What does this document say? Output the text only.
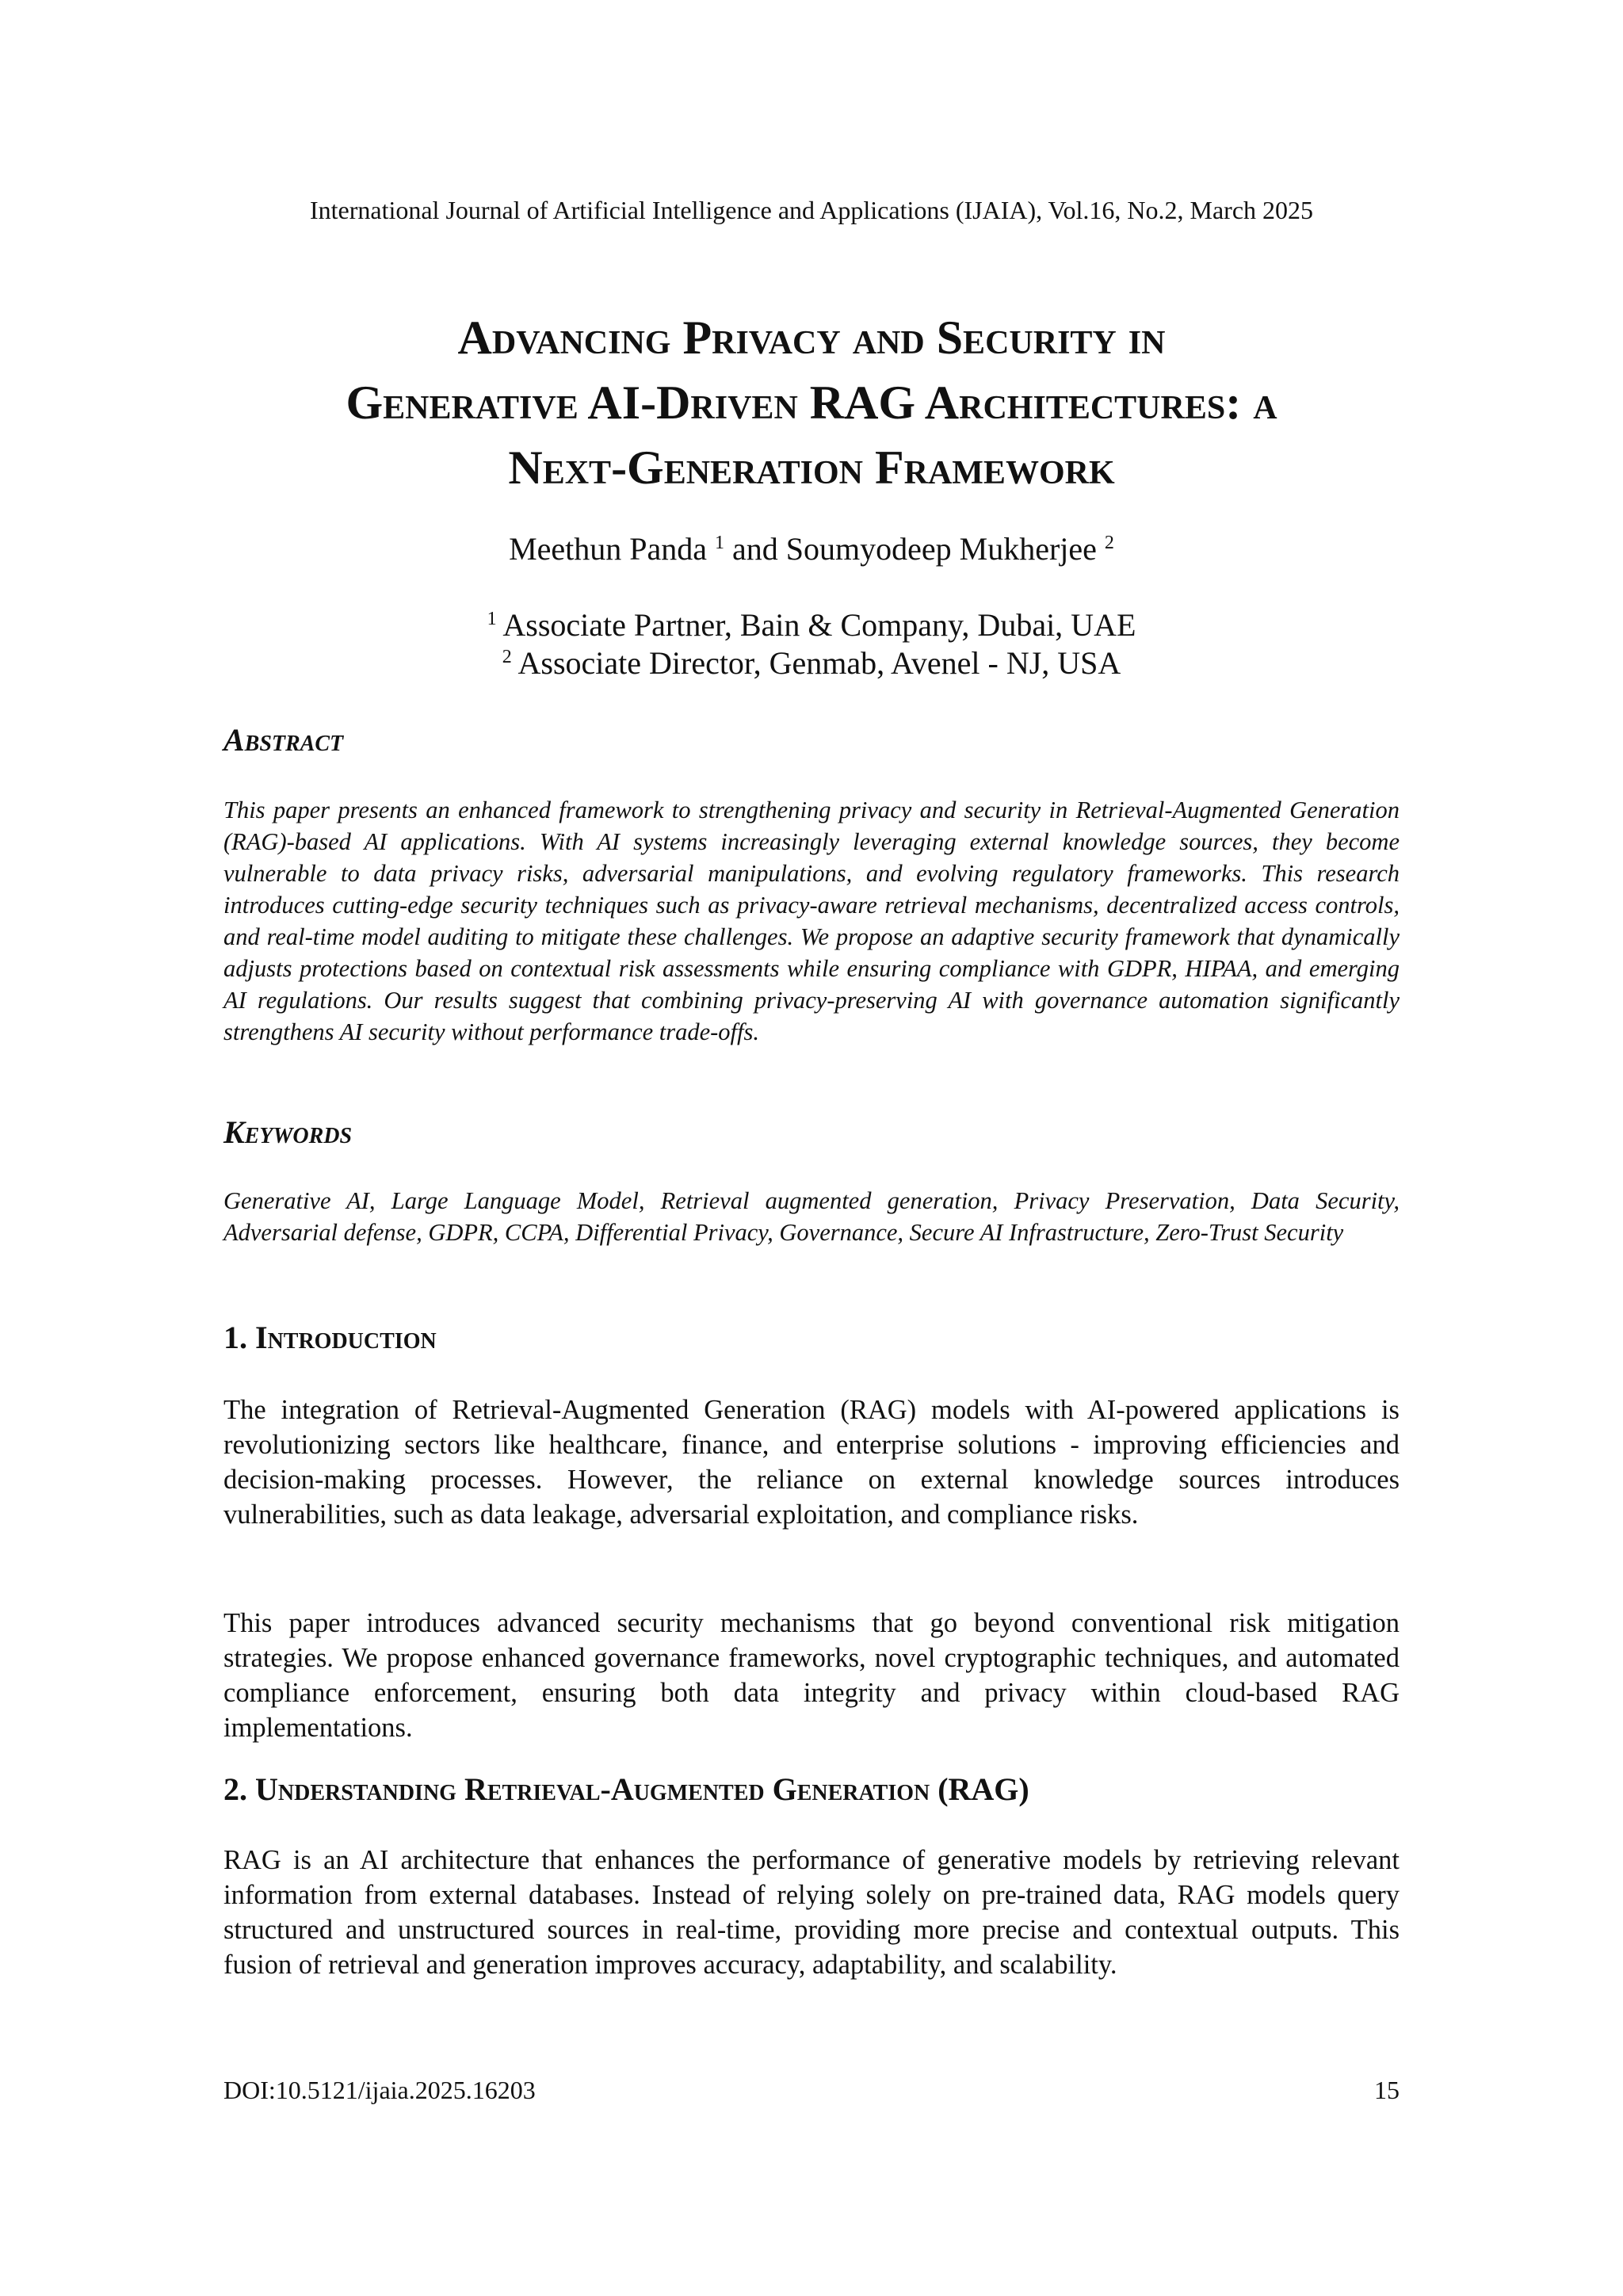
International Journal of Artificial Intelligence and Applications (IJAIA), Vol.16, No.2, March 2025
Advancing Privacy and Security in
Generative AI-Driven RAG Architectures: a
Next-Generation Framework
Meethun Panda $^1$ and Soumyodeep Mukherjee $^2$
$^1$ Associate Partner, Bain & Company, Dubai, UAE
$^2$ Associate Director, Genmab, Avenel - NJ, USA
Abstract

This paper presents an enhanced framework to strengthening privacy and security in Retrieval-Augmented Generation (RAG)-based AI applications. With AI systems increasingly leveraging external knowledge sources, they become vulnerable to data privacy risks, adversarial manipulations, and evolving regulatory frameworks. This research introduces cutting-edge security techniques such as privacy-aware retrieval mechanisms, decentralized access controls, and real-time model auditing to mitigate these challenges. We propose an adaptive security framework that dynamically adjusts protections based on contextual risk assessments while ensuring compliance with GDPR, HIPAA, and emerging AI regulations. Our results suggest that combining privacy-preserving AI with governance automation significantly strengthens AI security without performance trade-offs.

Keywords

Generative AI, Large Language Model, Retrieval augmented generation, Privacy Preservation, Data Security, Adversarial defense, GDPR, CCPA, Differential Privacy, Governance, Secure AI Infrastructure, Zero-Trust Security

1. Introduction

The integration of Retrieval-Augmented Generation (RAG) models with AI-powered applications is revolutionizing sectors like healthcare, finance, and enterprise solutions - improving efficiencies and decision-making processes. However, the reliance on external knowledge sources introduces vulnerabilities, such as data leakage, adversarial exploitation, and compliance risks.

This paper introduces advanced security mechanisms that go beyond conventional risk mitigation strategies. We propose enhanced governance frameworks, novel cryptographic techniques, and automated compliance enforcement, ensuring both data integrity and privacy within cloud-based RAG implementations.

2. Understanding Retrieval-Augmented Generation (RAG)

RAG is an AI architecture that enhances the performance of generative models by retrieving relevant information from external databases. Instead of relying solely on pre-trained data, RAG models query structured and unstructured sources in real-time, providing more precise and contextual outputs. This fusion of retrieval and generation improves accuracy, adaptability, and scalability.

DOI:10.5121/ijaia.2025.16203	15
